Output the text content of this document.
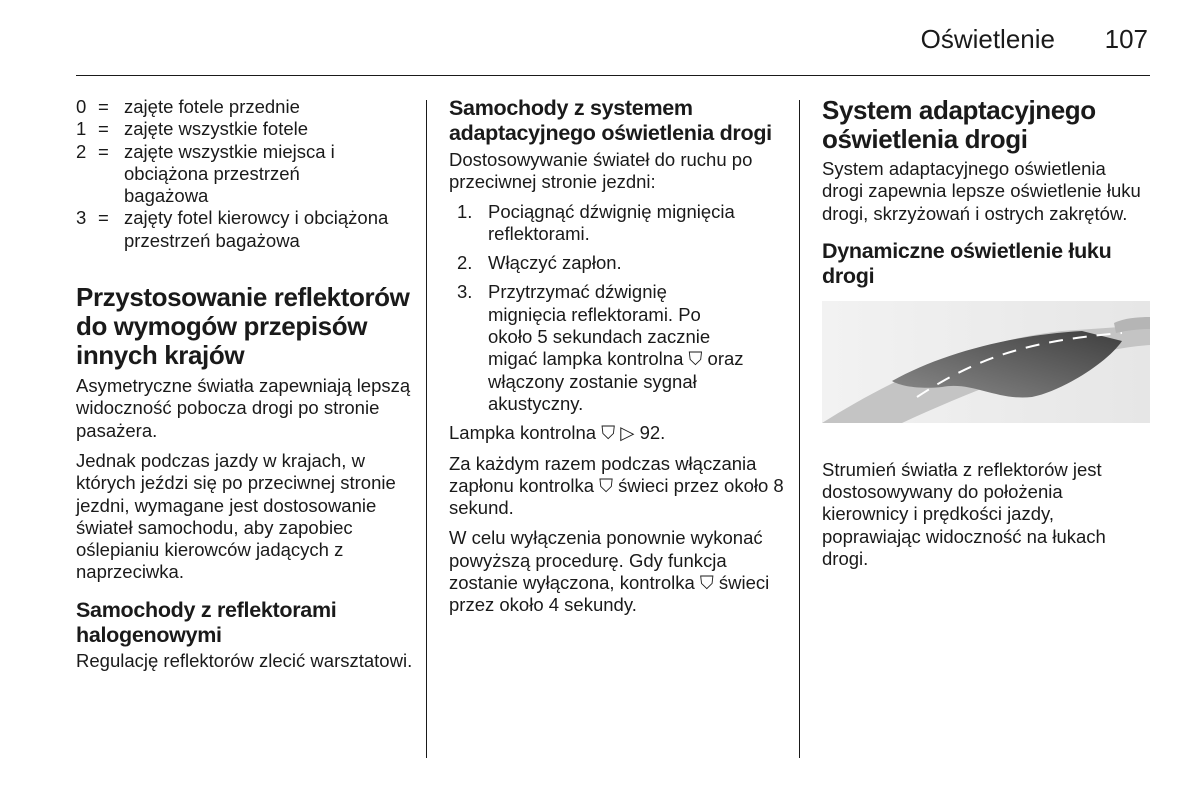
Oświetlenie 107
0 = zajęte fotele przednie
1 = zajęte wszystkie fotele
2 = zajęte wszystkie miejsca i obciążona przestrzeń bagażowa
3 = zajęty fotel kierowcy i obciążona przestrzeń bagażowa
Przystosowanie reflektorów do wymogów przepisów innych krajów

Asymetryczne światła zapewniają lepszą widoczność pobocza drogi po stronie pasażera.

Jednak podczas jazdy w krajach, w których jeździ się po przeciwnej stronie jezdni, wymagane jest dostosowanie świateł samochodu, aby zapobiec oślepianiu kierowców jadących z naprzeciwka.

Samochody z reflektorami halogenowymi

Regulację reflektorów zlecić warsztatowi.

Samochody z systemem adaptacyjnego oświetlenia drogi

Dostosowywanie świateł do ruchu po przeciwnej stronie jezdni:

1. Pociągnąć dźwignię mignięcia reflektorami.
2. Włączyć zapłon.
3. Przytrzymać dźwignię mignięcia reflektorami. Po około 5 sekundach zacznie migać lampka kontrolna ⛉ oraz włączony zostanie sygnał akustyczny.

Lampka kontrolna ⛉ ▷ 92.

Za każdym razem podczas włączania zapłonu kontrolka ⛉ świeci przez około 8 sekund.

W celu wyłączenia ponownie wykonać powyższą procedurę. Gdy funkcja zostanie wyłączona, kontrolka ⛉ świeci przez około 4 sekundy.

System adaptacyjnego oświetlenia drogi

System adaptacyjnego oświetlenia drogi zapewnia lepsze oświetlenie łuku drogi, skrzyżowań i ostrych zakrętów.

Dynamiczne oświetlenie łuku drogi

Strumień światła z reflektorów jest dostosowywany do położenia kierownicy i prędkości jazdy, poprawiając widoczność na łukach drogi.
